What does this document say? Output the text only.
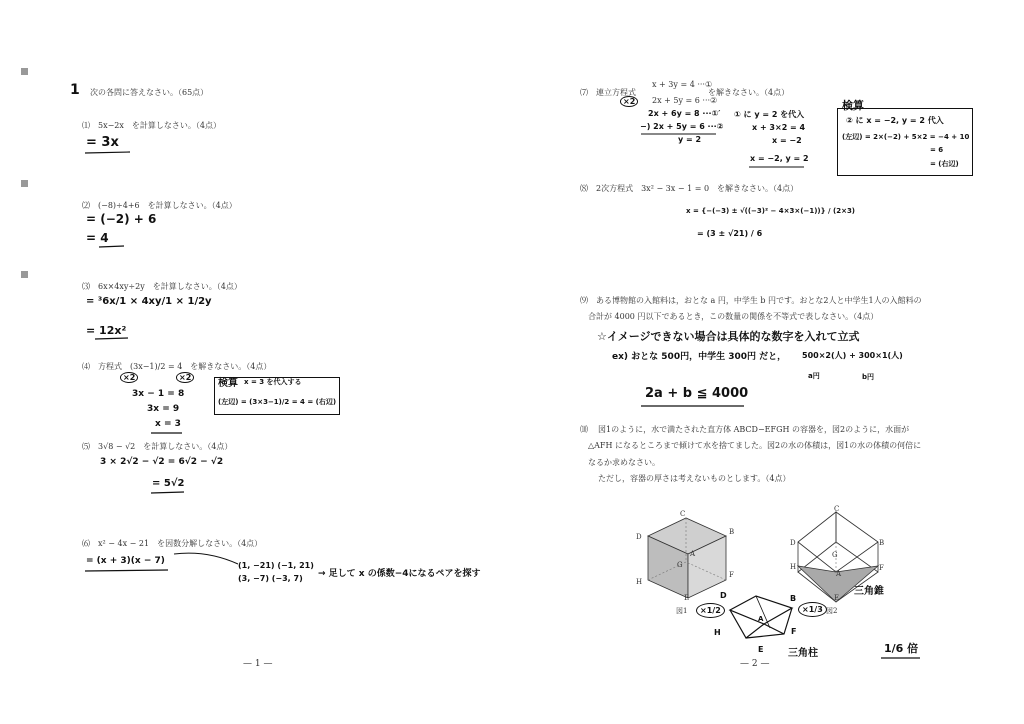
1 次の各問に答えなさい。（65点）
⑴ 5x−2x　を計算しなさい。（4点）
= 3x
⑵ (−8)÷4+6　を計算しなさい。（4点）
= (−2) + 6
= 4
⑶ 6x×4xy÷2y　を計算しなさい。（4点）
= ³6x/1 × 4xy/1 × 1/2y
= 12x²
⑷ 方程式　(3x−1)/2 = 4　を解きなさい。（4点）
×2	×2
3x − 1 = 8
3x = 9
x = 3
検算 x = 3 を代入する
(左辺) = (3×3−1)/2 = 4 = (右辺)
⑸ 3√8 − √2　を計算しなさい。（4点）
3 × 2√2 − √2 = 6√2 − √2
= 5√2
⑹ x² − 4x − 21　を因数分解しなさい。（4点）
= (x + 3)(x − 7)	(1, −21) (−1, 21)
(3, −7) (−3, 7) → 足して x の係数−4になるペアを探す
— 1 —
⑺ 連立方程式
x + 3y = 4 ···①
2x + 5y = 6 ···②
を解きなさい。（4点）
×2
2x + 6y = 8 ···①′
−) 2x + 5y = 6 ···②
y = 2
① に y = 2 を代入
x + 3×2 = 4
x = −2
x = −2, y = 2
検算
② に x = −2, y = 2 代入
(左辺) = 2×(−2) + 5×2 = −4 + 10
= 6
= (右辺)
⑻ 2次方程式　3x² − 3x − 1 = 0　を解きなさい。（4点）
x = {−(−3) ± √((−3)² − 4×3×(−1))} / (2×3)
= (3 ± √21) / 6
⑼ ある博物館の入館料は，おとな a 円，中学生 b 円です。おとな2人と中学生1人の入館料の
合計が 4000 円以下であるとき，この数量の関係を不等式で表しなさい。（4点）
☆イメージできない場合は具体的な数字を入れて立式
ex) おとな 500円，中学生 300円 だと， 500×2(人) + 300×1(人)
a円	b円
2a + b ≦ 4000
⑽ 図1のように，水で満たされた直方体 ABCD−EFGH の容器を，図2のように，水面が
△AFH になるところまで傾けて水を捨てました。図2の水の体積は，図1の水の体積の何倍に
なるか求めなさい。
ただし，容器の厚さは考えないものとします。（4点）
C
D
B
A
G
H
F
E
図1
D	B
A
H	F
E
×1/2
三角柱
C
D	B
G
H	F
A
E
図2
×1/3
三角錐
1/6 倍
— 2 —
